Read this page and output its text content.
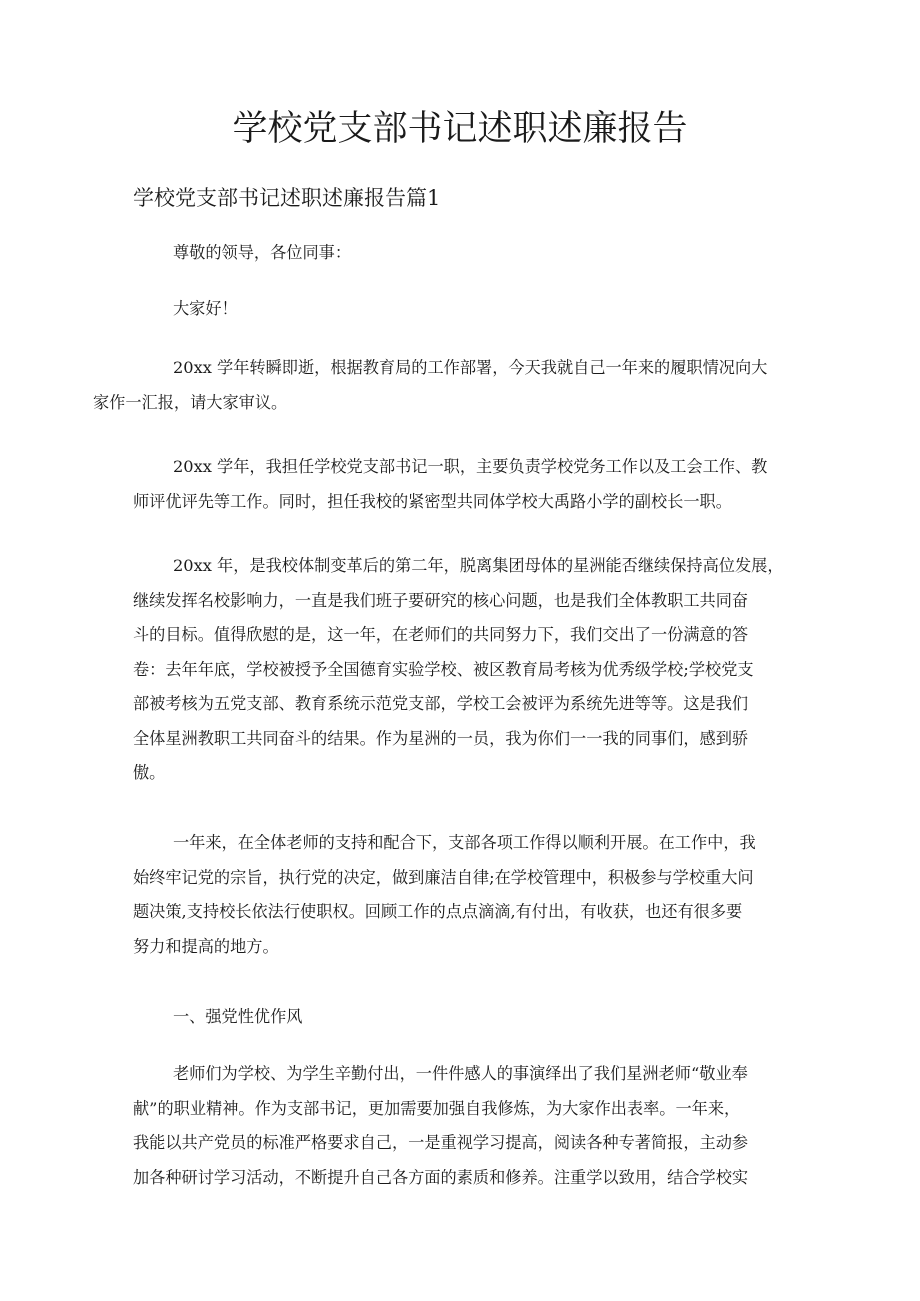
学校党支部书记述职述廉报告
学校党支部书记述职述廉报告篇1

尊敬的领导，各位同事：

大家好！

20xx 学年转瞬即逝，根据教育局的工作部署，今天我就自己一年来的履职情况向大
家作一汇报，请大家审议。

20xx 学年，我担任学校党支部书记一职，主要负责学校党务工作以及工会工作、教
师评优评先等工作。同时，担任我校的紧密型共同体学校大禹路小学的副校长一职。

20xx 年，是我校体制变革后的第二年，脱离集团母体的星洲能否继续保持高位发展，
继续发挥名校影响力，一直是我们班子要研究的核心问题，也是我们全体教职工共同奋
斗的目标。值得欣慰的是，这一年，在老师们的共同努力下，我们交出了一份满意的答
卷：去年年底，学校被授予全国德育实验学校、被区教育局考核为优秀级学校;学校党支
部被考核为五党支部、教育系统示范党支部，学校工会被评为系统先进等等。这是我们
全体星洲教职工共同奋斗的结果。作为星洲的一员，我为你们一一我的同事们，感到骄
傲。

一年来，在全体老师的支持和配合下，支部各项工作得以顺利开展。在工作中，我
始终牢记党的宗旨，执行党的决定，做到廉洁自律;在学校管理中，积极参与学校重大问
题决策,支持校长依法行使职权。回顾工作的点点滴滴,有付出，有收获，也还有很多要
努力和提高的地方。

一、强党性优作风

老师们为学校、为学生辛勤付出，一件件感人的事演绎出了我们星洲老师“敬业奉
献”的职业精神。作为支部书记，更加需要加强自我修炼，为大家作出表率。一年来，
我能以共产党员的标准严格要求自己，一是重视学习提高，阅读各种专著简报，主动参
加各种研讨学习活动，不断提升自己各方面的素质和修养。注重学以致用，结合学校实
